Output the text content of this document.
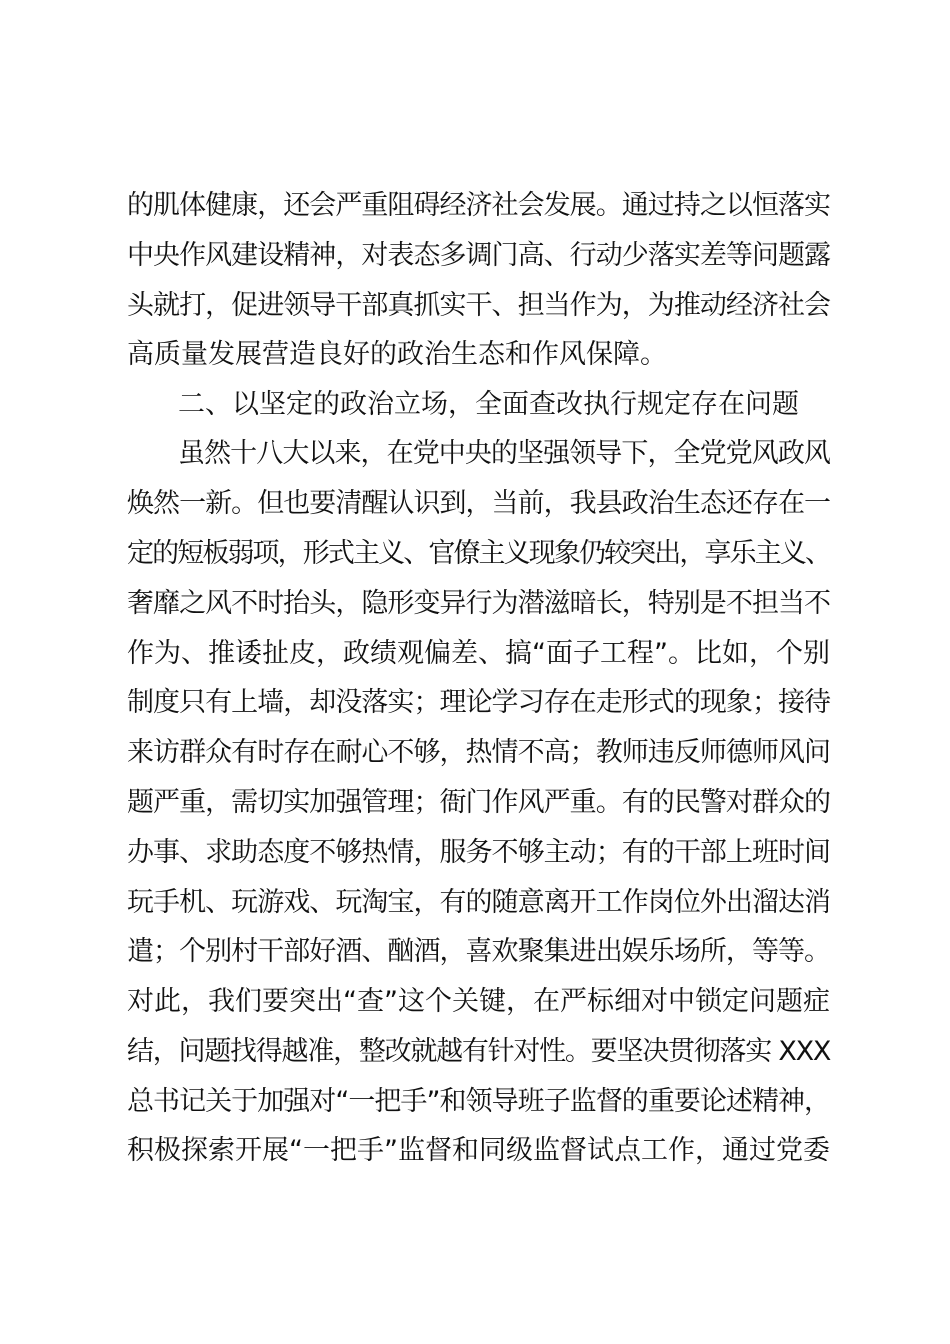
的肌体健康，还会严重阻碍经济社会发展。通过持之以恒落实
中央作风建设精神，对表态多调门高、行动少落实差等问题露
头就打，促进领导干部真抓实干、担当作为，为推动经济社会
高质量发展营造良好的政治生态和作风保障。
二、以坚定的政治立场，全面查改执行规定存在问题
虽然十八大以来，在党中央的坚强领导下，全党党风政风
焕然一新。但也要清醒认识到，当前，我县政治生态还存在一
定的短板弱项，形式主义、官僚主义现象仍较突出，享乐主义、
奢靡之风不时抬头，隐形变异行为潜滋暗长，特别是不担当不
作为、推诿扯皮，政绩观偏差、搞“面子工程”。比如，个别
制度只有上墙，却没落实；理论学习存在走形式的现象；接待
来访群众有时存在耐心不够，热情不高；教师违反师德师风问
题严重，需切实加强管理；衙门作风严重。有的民警对群众的
办事、求助态度不够热情，服务不够主动；有的干部上班时间
玩手机、玩游戏、玩淘宝，有的随意离开工作岗位外出溜达消
遣；个别村干部好酒、酗酒，喜欢聚集进出娱乐场所，等等。
对此，我们要突出“查”这个关键，在严标细对中锁定问题症
结，问题找得越准，整改就越有针对性。要坚决贯彻落实 XXX
总书记关于加强对“一把手”和领导班子监督的重要论述精神，
积极探索开展“一把手”监督和同级监督试点工作，通过党委
